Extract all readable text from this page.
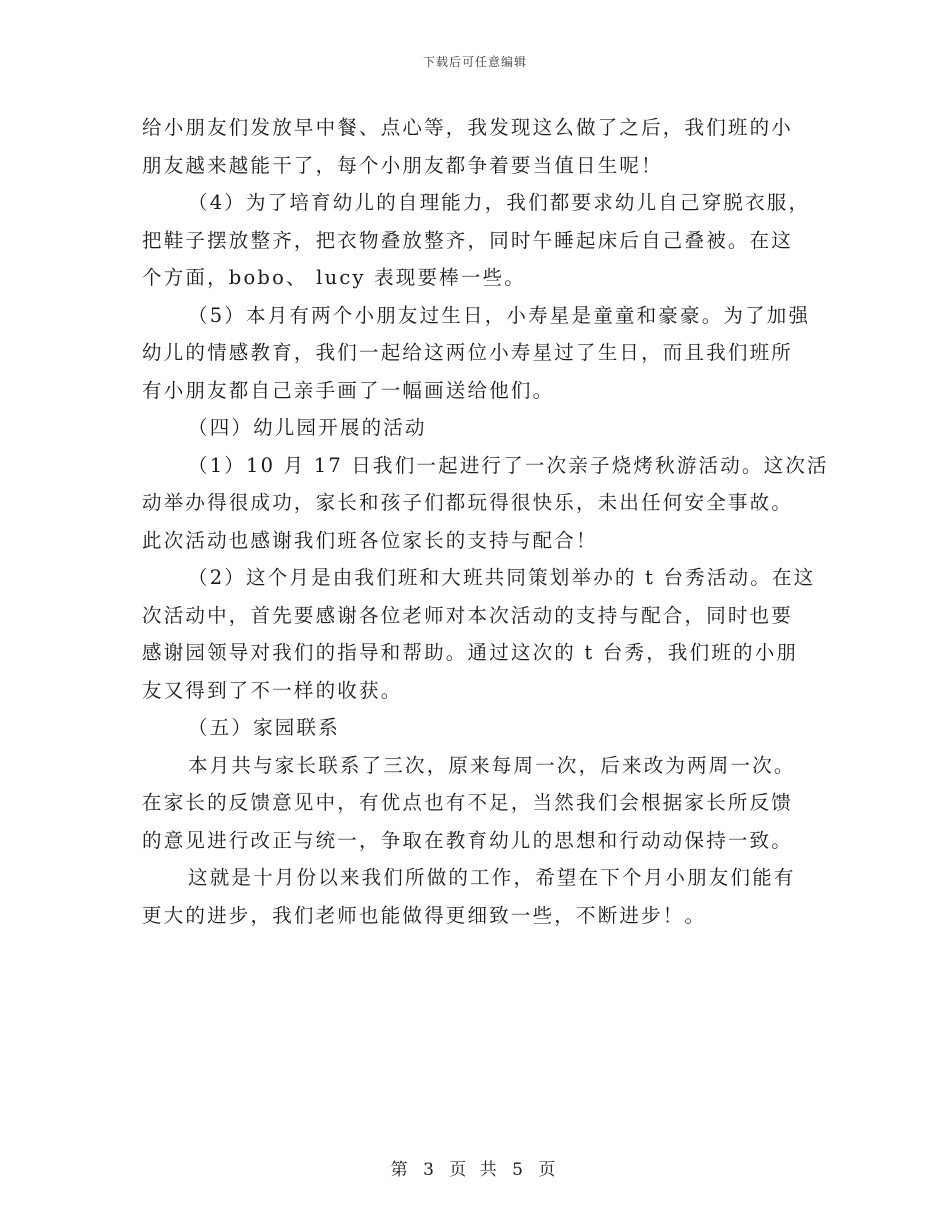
下载后可任意编辑
给小朋友们发放早中餐、点心等，我发现这么做了之后，我们班的小
朋友越来越能干了，每个小朋友都争着要当值日生呢！
（4）为了培育幼儿的自理能力，我们都要求幼儿自己穿脱衣服，
把鞋子摆放整齐，把衣物叠放整齐，同时午睡起床后自己叠被。在这
个方面，bobo、 lucy 表现要棒一些。
（5）本月有两个小朋友过生日，小寿星是童童和豪豪。为了加强
幼儿的情感教育，我们一起给这两位小寿星过了生日，而且我们班所
有小朋友都自己亲手画了一幅画送给他们。
（四）幼儿园开展的活动
（1）10 月 17 日我们一起进行了一次亲子烧烤秋游活动。这次活
动举办得很成功，家长和孩子们都玩得很快乐，未出任何安全事故。
此次活动也感谢我们班各位家长的支持与配合！
（2）这个月是由我们班和大班共同策划举办的 t 台秀活动。在这
次活动中，首先要感谢各位老师对本次活动的支持与配合，同时也要
感谢园领导对我们的指导和帮助。通过这次的 t 台秀，我们班的小朋
友又得到了不一样的收获。
（五）家园联系
本月共与家长联系了三次，原来每周一次，后来改为两周一次。
在家长的反馈意见中，有优点也有不足，当然我们会根据家长所反馈
的意见进行改正与统一，争取在教育幼儿的思想和行动动保持一致。
这就是十月份以来我们所做的工作，希望在下个月小朋友们能有
更大的进步，我们老师也能做得更细致一些，不断进步！。
第 3 页 共 5 页
